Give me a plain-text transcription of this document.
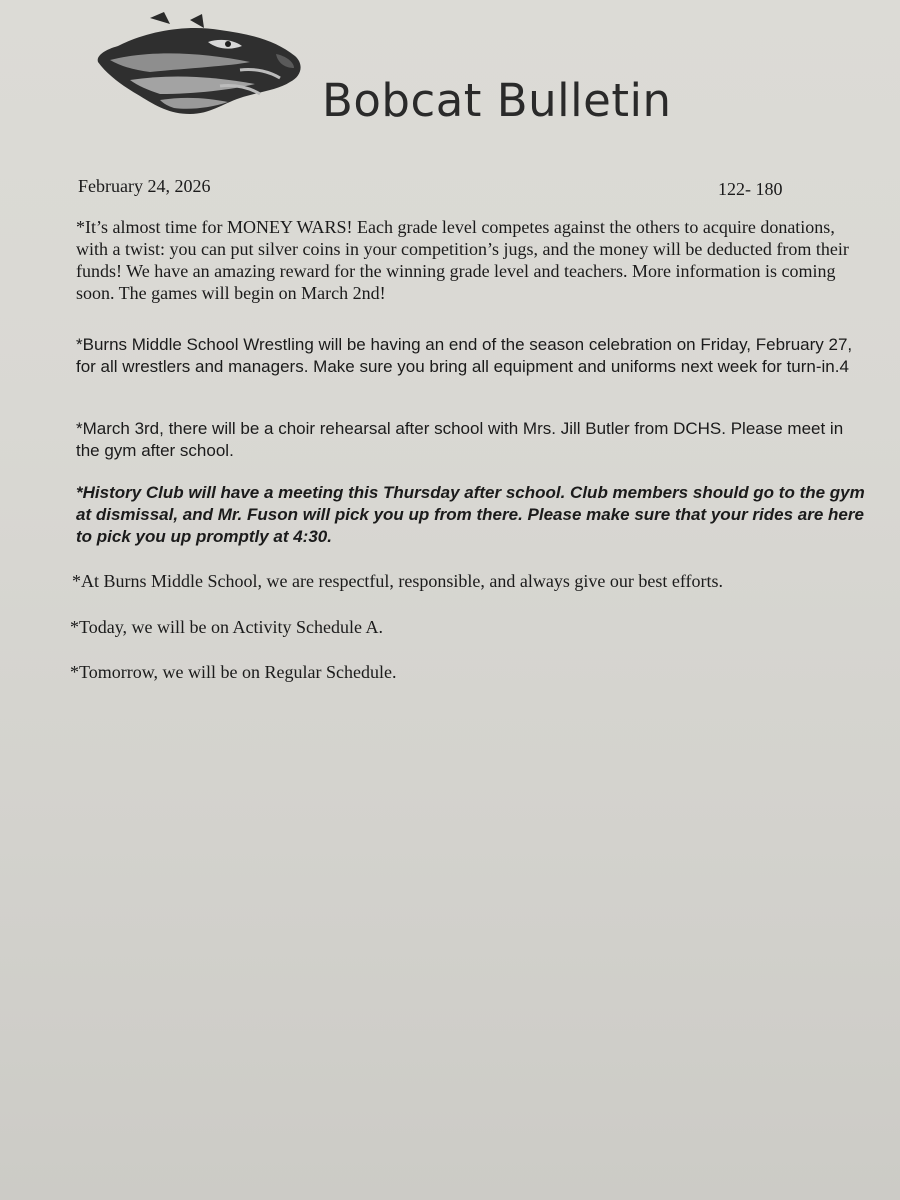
Bobcat Bulletin
February 24, 2026	122- 180

*It’s almost time for MONEY WARS! Each grade level competes against the others to acquire donations, with a twist: you can put silver coins in your competition’s jugs, and the money will be deducted from their funds! We have an amazing reward for the winning grade level and teachers. More information is coming soon. The games will begin on March 2nd!

*Burns Middle School Wrestling will be having an end of the season celebration on Friday, February 27, for all wrestlers and managers. Make sure you bring all equipment and uniforms next week for turn-in.4

*March 3rd, there will be a choir rehearsal after school with Mrs. Jill Butler from DCHS. Please meet in the gym after school.

*History Club will have a meeting this Thursday after school. Club members should go to the gym at dismissal, and Mr. Fuson will pick you up from there. Please make sure that your rides are here to pick you up promptly at 4:30.

*At Burns Middle School, we are respectful, responsible, and always give our best efforts.

*Today, we will be on Activity Schedule A.

*Tomorrow, we will be on Regular Schedule.
